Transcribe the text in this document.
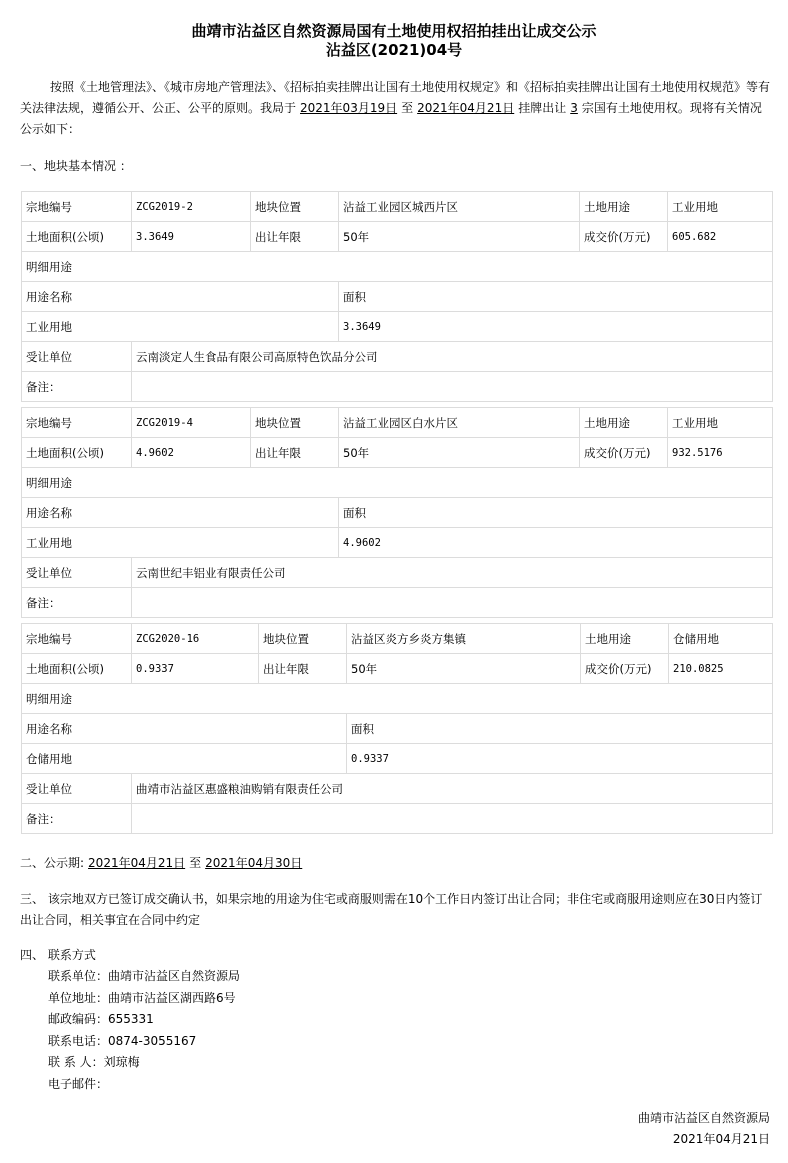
曲靖市沾益区自然资源局国有土地使用权招拍挂出让成交公示
沾益区(2021)04号
按照《土地管理法》、《城市房地产管理法》、《招标拍卖挂牌出让国有土地使用权规定》和《招标拍卖挂牌出让国有土地使用权规范》等有关法律法规，遵循公开、公正、公平的原则。我局于 2021年03月19日 至 2021年04月21日 挂牌出让 3 宗国有土地使用权。现将有关情况公示如下：
一、地块基本情况 ：
宗地编号	ZCG2019-2	地块位置	沾益工业园区城西片区	土地用途	工业用地
土地面积(公顷)	3.3649	出让年限	50年	成交价(万元)	605.682
明细用途					
用途名称			面积		
工业用地			3.3649		
受让单位	云南淡定人生食品有限公司高原特色饮品分公司				
备注：					
宗地编号	ZCG2019-4	地块位置	沾益工业园区白水片区	土地用途	工业用地
土地面积(公顷)	4.9602	出让年限	50年	成交价(万元)	932.5176
明细用途					
用途名称			面积		
工业用地			4.9602		
受让单位	云南世纪丰铝业有限责任公司				
备注：					
宗地编号	ZCG2020-16	地块位置	沾益区炎方乡炎方集镇	土地用途	仓储用地
土地面积(公顷)	0.9337	出让年限	50年	成交价(万元)	210.0825
明细用途					
用途名称			面积		
仓储用地			0.9337		
受让单位	曲靖市沾益区惠盛粮油购销有限责任公司				
备注：					
二、公示期: 2021年04月21日 至 2021年04月30日
三、 该宗地双方已签订成交确认书，如果宗地的用途为住宅或商服则需在10个工作日内签订出让合同；非住宅或商服用途则应在30日内签订出让合同，相关事宜在合同中约定
四、 联系方式
联系单位：曲靖市沾益区自然资源局
单位地址：曲靖市沾益区湖西路6号
邮政编码：655331
联系电话：0874-3055167
联 系 人：刘琼梅
电子邮件：
曲靖市沾益区自然资源局
2021年04月21日
